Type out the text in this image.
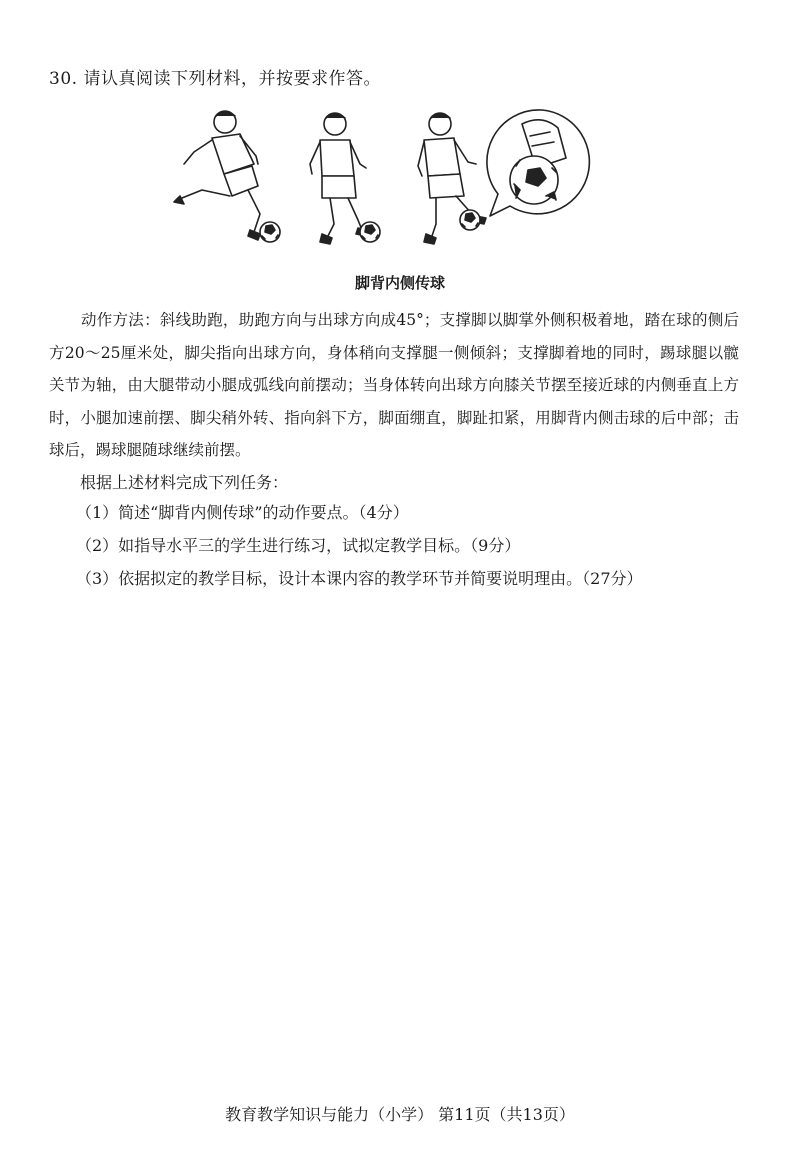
30. 请认真阅读下列材料，并按要求作答。
脚背内侧传球

动作方法：斜线助跑，助跑方向与出球方向成45°；支撑脚以脚掌外侧积极着地，踏在球的侧后方20～25厘米处，脚尖指向出球方向，身体稍向支撑腿一侧倾斜；支撑脚着地的同时，踢球腿以髋关节为轴，由大腿带动小腿成弧线向前摆动；当身体转向出球方向膝关节摆至接近球的内侧垂直上方时，小腿加速前摆、脚尖稍外转、指向斜下方，脚面绷直，脚趾扣紧，用脚背内侧击球的后中部；击球后，踢球腿随球继续前摆。

根据上述材料完成下列任务：
（1）简述“脚背内侧传球”的动作要点。（4分）
（2）如指导水平三的学生进行练习，试拟定教学目标。（9分）
（3）依据拟定的教学目标，设计本课内容的教学环节并简要说明理由。（27分）
教育教学知识与能力（小学） 第11页（共13页）
